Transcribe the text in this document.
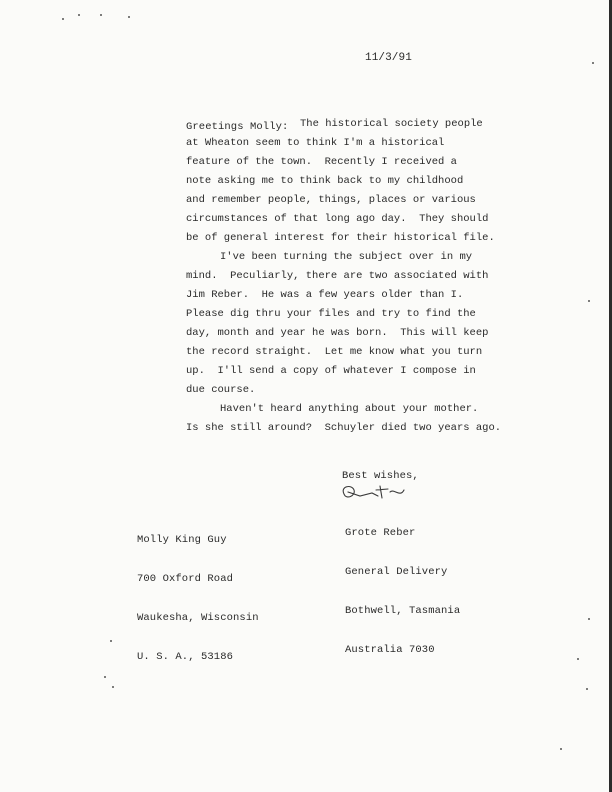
11/3/91
Greetings Molly: The historical society people
at Wheaton seem to think I'm a historical
feature of the town.  Recently I received a
note asking me to think back to my childhood
and remember people, things, places or various
circumstances of that long ago day.  They should
be of general interest for their historical file.
I've been turning the subject over in my
mind.  Peculiarly, there are two associated with
Jim Reber.  He was a few years older than I.
Please dig thru your files and try to find the
day, month and year he was born.  This will keep
the record straight.  Let me know what you turn
up.  I'll send a copy of whatever I compose in
due course.
Haven't heard anything about your mother.
Is she still around?  Schuyler died two years ago.
Best wishes,

Grote Reber

General Delivery

Bothwell, Tasmania

Australia 7030

Molly King Guy

700 Oxford Road

Waukesha, Wisconsin

U. S. A., 53186
